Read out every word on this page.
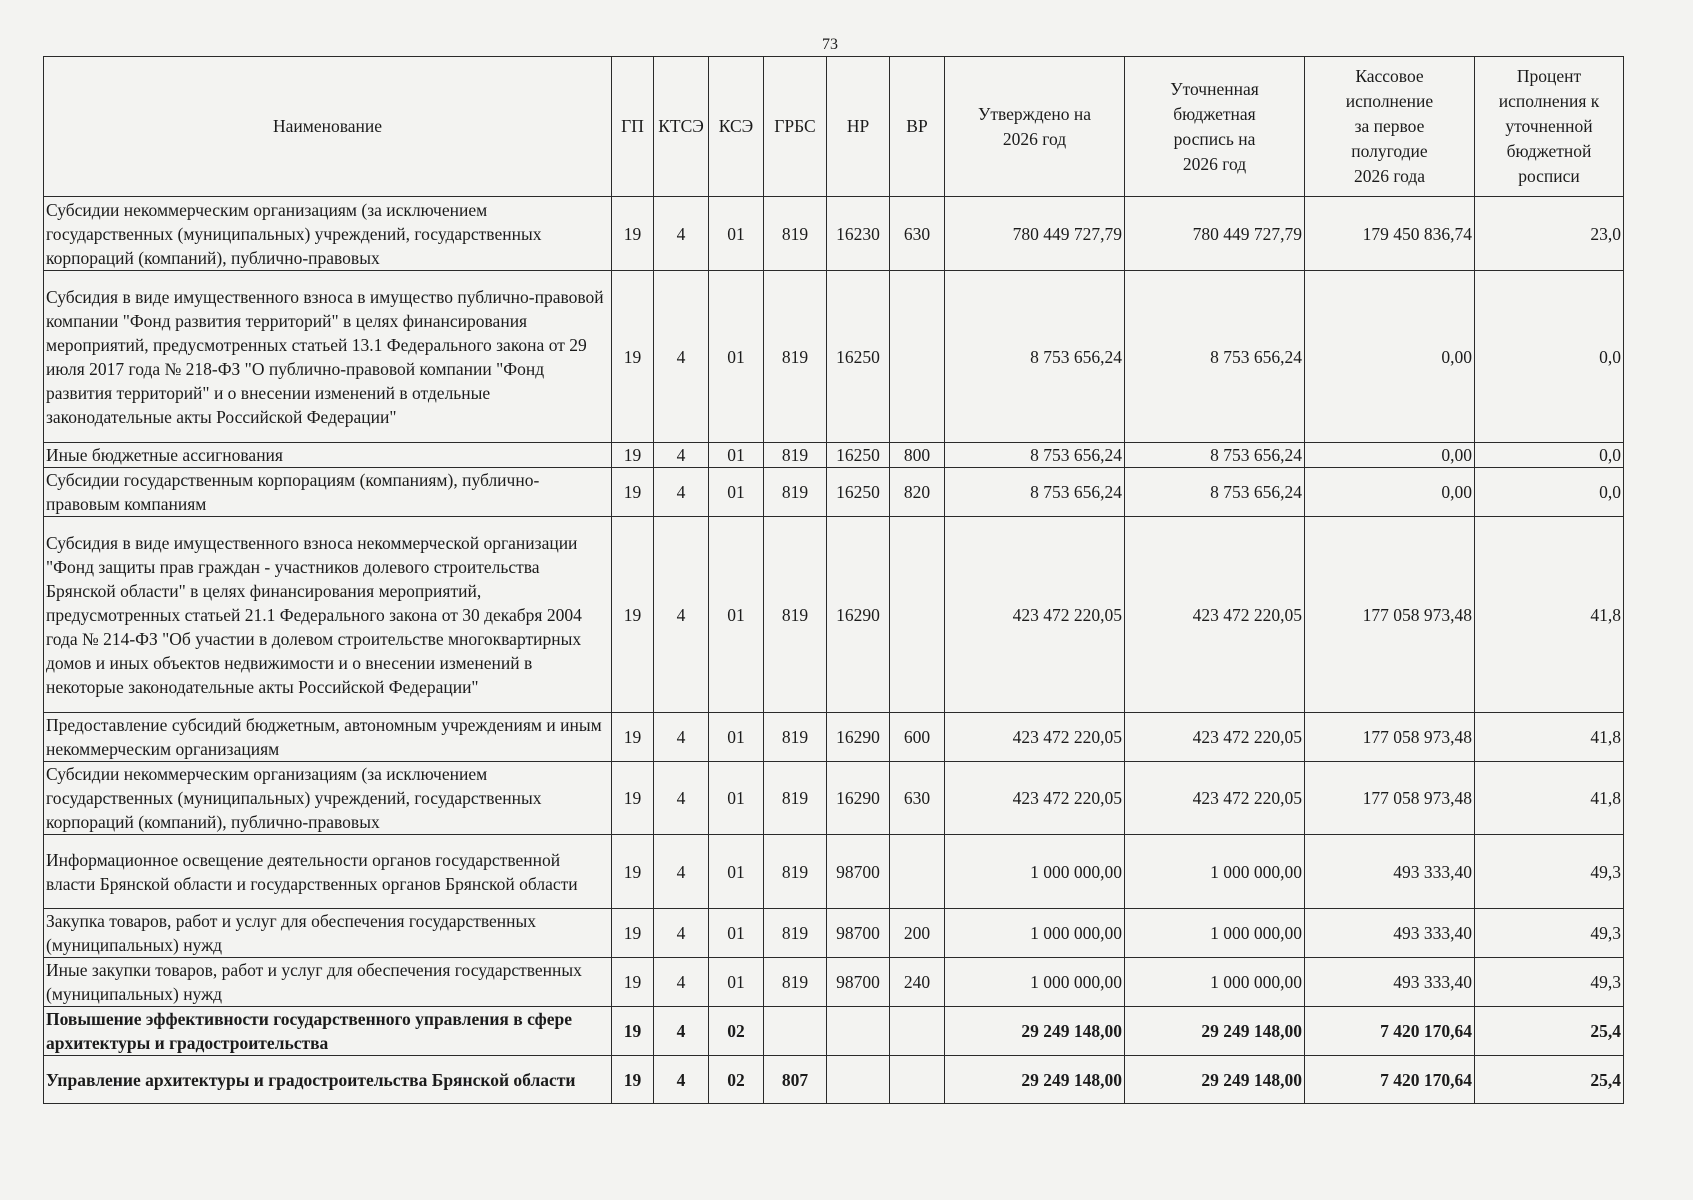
73
Наименование	ГП	КТСЭ	КСЭ	ГРБС	НР	ВР	Утверждено на 2026 год	Уточненная бюджетная роспись на 2026 год	Кассовое исполнение за первое полугодие 2026 года	Процент исполнения к уточненной бюджетной росписи
Субсидии некоммерческим организациям (за исключением государственных (муниципальных) учреждений, государственных корпораций (компаний), публично-правовых	19	4	01	819	16230	630	780 449 727,79	780 449 727,79	179 450 836,74	23,0
Субсидия в виде имущественного взноса в имущество публично-правовой компании "Фонд развития территорий" в целях финансирования мероприятий, предусмотренных статьей 13.1 Федерального закона от 29 июля 2017 года № 218-ФЗ "О публично-правовой компании "Фонд развития территорий" и о внесении изменений в отдельные законодательные акты Российской Федерации"	19	4	01	819	16250		8 753 656,24	8 753 656,24	0,00	0,0
Иные бюджетные ассигнования	19	4	01	819	16250	800	8 753 656,24	8 753 656,24	0,00	0,0
Субсидии государственным корпорациям (компаниям), публично-правовым компаниям	19	4	01	819	16250	820	8 753 656,24	8 753 656,24	0,00	0,0
Субсидия в виде имущественного взноса некоммерческой организации "Фонд защиты прав граждан - участников долевого строительства Брянской области" в целях финансирования мероприятий, предусмотренных статьей 21.1 Федерального закона от 30 декабря 2004 года № 214-ФЗ "Об участии в долевом строительстве многоквартирных домов и иных объектов недвижимости и о внесении изменений в некоторые законодательные акты Российской Федерации"	19	4	01	819	16290		423 472 220,05	423 472 220,05	177 058 973,48	41,8
Предоставление субсидий бюджетным, автономным учреждениям и иным некоммерческим организациям	19	4	01	819	16290	600	423 472 220,05	423 472 220,05	177 058 973,48	41,8
Субсидии некоммерческим организациям (за исключением государственных (муниципальных) учреждений, государственных корпораций (компаний), публично-правовых	19	4	01	819	16290	630	423 472 220,05	423 472 220,05	177 058 973,48	41,8
Информационное освещение деятельности органов государственной власти Брянской области и государственных органов Брянской области	19	4	01	819	98700		1 000 000,00	1 000 000,00	493 333,40	49,3
Закупка товаров, работ и услуг для обеспечения государственных (муниципальных) нужд	19	4	01	819	98700	200	1 000 000,00	1 000 000,00	493 333,40	49,3
Иные закупки товаров, работ и услуг для обеспечения государственных (муниципальных) нужд	19	4	01	819	98700	240	1 000 000,00	1 000 000,00	493 333,40	49,3
Повышение эффективности государственного управления в сфере архитектуры и градостроительства	19	4	02				29 249 148,00	29 249 148,00	7 420 170,64	25,4
Управление архитектуры и градостроительства Брянской области	19	4	02	807			29 249 148,00	29 249 148,00	7 420 170,64	25,4
